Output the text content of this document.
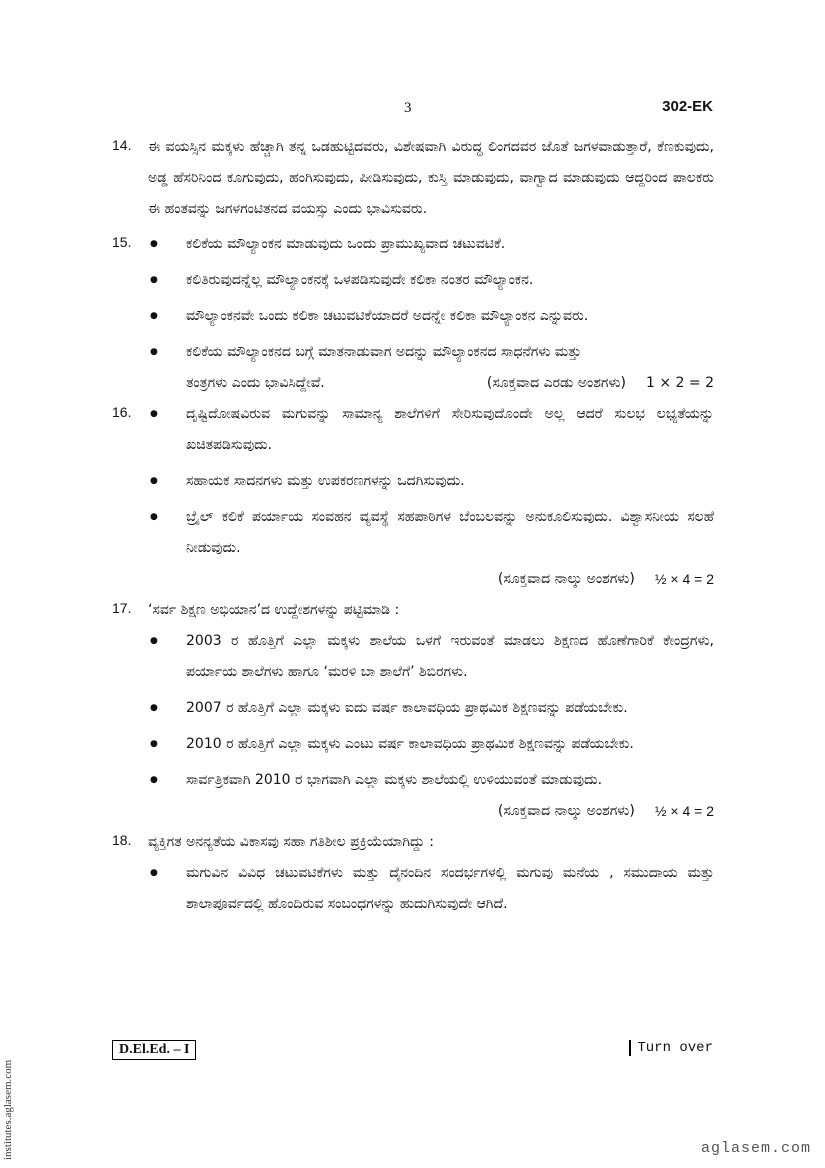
3	302-EK
14. ಈ ವಯಸ್ಸಿನ ಮಕ್ಕಳು ಹೆಚ್ಚಾಗಿ ತನ್ನ ಒಡಹುಟ್ಟಿದವರು, ವಿಶೇಷವಾಗಿ ವಿರುದ್ಧ ಲಿಂಗದವರ ಜೊತೆ ಜಗಳವಾಡುತ್ತಾರೆ, ಕೆಣಕುವುದು, ಅಡ್ಡ ಹೆಸರಿನಿಂದ ಕೂಗುವುದು, ಹಂಗಿಸುವುದು, ಪೀಡಿಸುವುದು, ಕುಸ್ತಿ ಮಾಡುವುದು, ವಾಗ್ವಾದ ಮಾಡುವುದು ಆದ್ದರಿಂದ ಪಾಲಕರು ಈ ಹಂತವನ್ನು ಜಗಳಗಂಟಿತನದ ವಯಸ್ಸು ಎಂದು ಭಾವಿಸುವರು.
15.	● ಕಲಿಕೆಯ ಮೌಲ್ಯಾಂಕನ ಮಾಡುವುದು ಒಂದು ಪ್ರಾಮುಖ್ಯವಾದ ಚಟುವಟಿಕೆ.
● ಕಲಿತಿರುವುದನ್ನೆಲ್ಲ ಮೌಲ್ಯಾಂಕನಕ್ಕೆ ಒಳಪಡಿಸುವುದೇ ಕಲಿಕಾ ನಂತರ ಮೌಲ್ಯಾಂಕನ.
● ಮೌಲ್ಯಾಂಕನವೇ ಒಂದು ಕಲಿಕಾ ಚಟುವಟಿಕೆಯಾದರೆ ಅದನ್ನೇ ಕಲಿಕಾ ಮೌಲ್ಯಾಂಕನ ಎನ್ನುವರು.
● ಕಲಿಕೆಯ ಮೌಲ್ಯಾಂಕನದ ಬಗ್ಗೆ ಮಾತನಾಡುವಾಗ ಅದನ್ನು ಮೌಲ್ಯಾಂಕನದ ಸಾಧನೆಗಳು ಮತ್ತು
ತಂತ್ರಗಳು ಎಂದು ಭಾವಿಸಿದ್ದೇವೆ.	(ಸೂಕ್ತವಾದ ಎರಡು ಅಂಶಗಳು) 1 × 2 = 2
16.	● ದೃಷ್ಟಿದೋಷವಿರುವ ಮಗುವನ್ನು ಸಾಮಾನ್ಯ ಶಾಲೆಗಳಿಗೆ ಸೇರಿಸುವುದೊಂದೇ ಅಲ್ಲ ಆದರೆ ಸುಲಭ ಲಭ್ಯತೆಯನ್ನು ಖಚಿತಪಡಿಸುವುದು.
● ಸಹಾಯಕ ಸಾದನಗಳು ಮತ್ತು ಉಪಕರಣಗಳನ್ನು ಒದಗಿಸುವುದು.
● ಬ್ರೈಲ್ ಕಲಿಕೆ ಪರ್ಯಾಯ ಸಂವಹನ ವ್ಯವಸ್ಥೆ ಸಹಪಾಠಿಗಳ ಬೆಂಬಲವನ್ನು ಅನುಕೂಲಿಸುವುದು. ವಿಶ್ವಾಸನೀಯ ಸಲಹೆ ನೀಡುವುದು.
(ಸೂಕ್ತವಾದ ನಾಲ್ಕು ಅಂಶಗಳು) ½ × 4 = 2
17. ‘ಸರ್ವ ಶಿಕ್ಷಣ ಅಭಿಯಾನ’ದ ಉದ್ದೇಶಗಳನ್ನು ಪಟ್ಟಿಮಾಡಿ :
● 2003 ರ ಹೊತ್ತಿಗೆ ಎಲ್ಲಾ ಮಕ್ಕಳು ಶಾಲೆಯ ಒಳಗೆ ಇರುವಂತೆ ಮಾಡಲು ಶಿಕ್ಷಣದ ಹೊಣೆಗಾರಿಕೆ ಕೇಂದ್ರಗಳು, ಪರ್ಯಾಯ ಶಾಲೆಗಳು ಹಾಗೂ ‘ಮರಳಿ ಬಾ ಶಾಲೆಗೆ’ ಶಿಬಿರಗಳು.
● 2007 ರ ಹೊತ್ತಿಗೆ ಎಲ್ಲಾ ಮಕ್ಕಳು ಐದು ವರ್ಷ ಕಾಲಾವಧಿಯ ಪ್ರಾಥಮಿಕ ಶಿಕ್ಷಣವನ್ನು ಪಡೆಯಬೇಕು.
● 2010 ರ ಹೊತ್ತಿಗೆ ಎಲ್ಲಾ ಮಕ್ಕಳು ಎಂಟು ವರ್ಷ ಕಾಲಾವಧಿಯ ಪ್ರಾಥಮಿಕ ಶಿಕ್ಷಣವನ್ನು ಪಡೆಯಬೇಕು.
● ಸಾರ್ವತ್ರಿಕವಾಗಿ 2010 ರ ಭಾಗವಾಗಿ ಎಲ್ಲಾ ಮಕ್ಕಳು ಶಾಲೆಯಲ್ಲಿ ಉಳಿಯುವಂತೆ ಮಾಡುವುದು.
(ಸೂಕ್ತವಾದ ನಾಲ್ಕು ಅಂಶಗಳು) ½ × 4 = 2
18. ವ್ಯಕ್ತಿಗತ ಅನನ್ಯತೆಯ ವಿಕಾಸವು ಸಹಾ ಗತಿಶೀಲ ಪ್ರಕ್ರಿಯೆಯಾಗಿದ್ದು :
● ಮಗುವಿನ ವಿವಿಧ ಚಟುವಟಿಕೆಗಳು ಮತ್ತು ದೈನಂದಿನ ಸಂದರ್ಭಗಳಲ್ಲಿ ಮಗುವು ಮನೆಯ , ಸಮುದಾಯ ಮತ್ತು ಶಾಲಾಪೂರ್ವದಲ್ಲಿ ಹೊಂದಿರುವ ಸಂಬಂಧಗಳನ್ನು ಹುದುಗಿಸುವುದೇ ಆಗಿದೆ.
D.El.Ed. – I	Turn over
institutes.aglasem.com	aglasem.com
